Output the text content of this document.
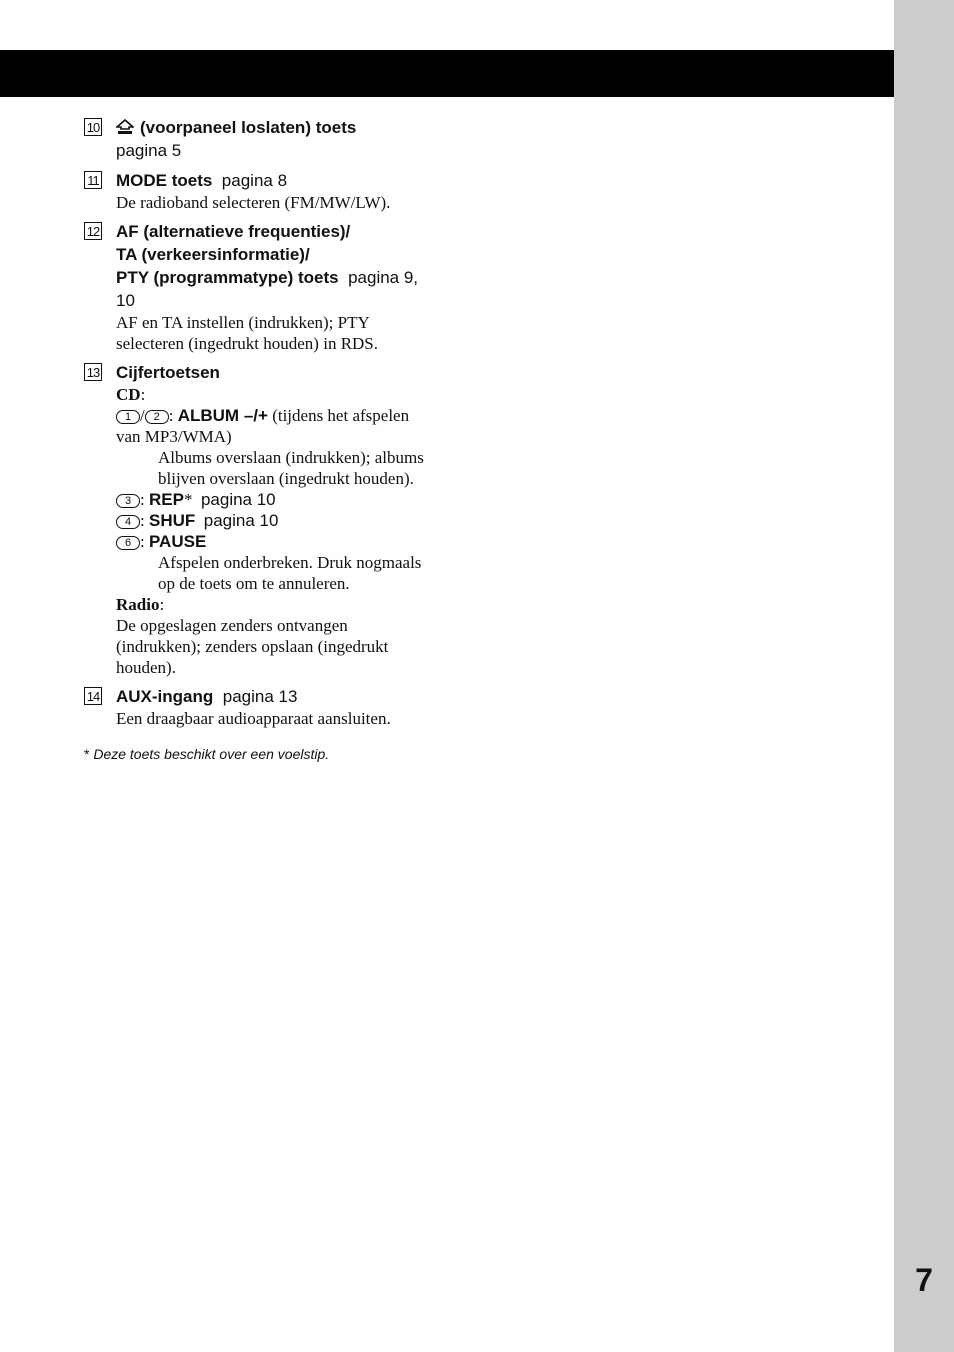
7
10	(voorpaneel loslaten) toets
pagina 5
11 MODE toets pagina 8
De radioband selecteren (FM/MW/LW).
12 AF (alternatieve frequenties)/
TA (verkeersinformatie)/
PTY (programmatype) toets pagina 9,
10
AF en TA instellen (indrukken); PTY
selecteren (ingedrukt houden) in RDS.
13 Cijfertoetsen
CD:
1 / 2 : ALBUM –/+ (tijdens het afspelen
van MP3/WMA)
Albums overslaan (indrukken); albums
blijven overslaan (ingedrukt houden).
3 : REP* pagina 10
4 : SHUF pagina 10
6 : PAUSE
Afspelen onderbreken. Druk nogmaals
op de toets om te annuleren.
Radio:
De opgeslagen zenders ontvangen
(indrukken); zenders opslaan (ingedrukt
houden).
14 AUX-ingang pagina 13
Een draagbaar audioapparaat aansluiten.
* Deze toets beschikt over een voelstip.
